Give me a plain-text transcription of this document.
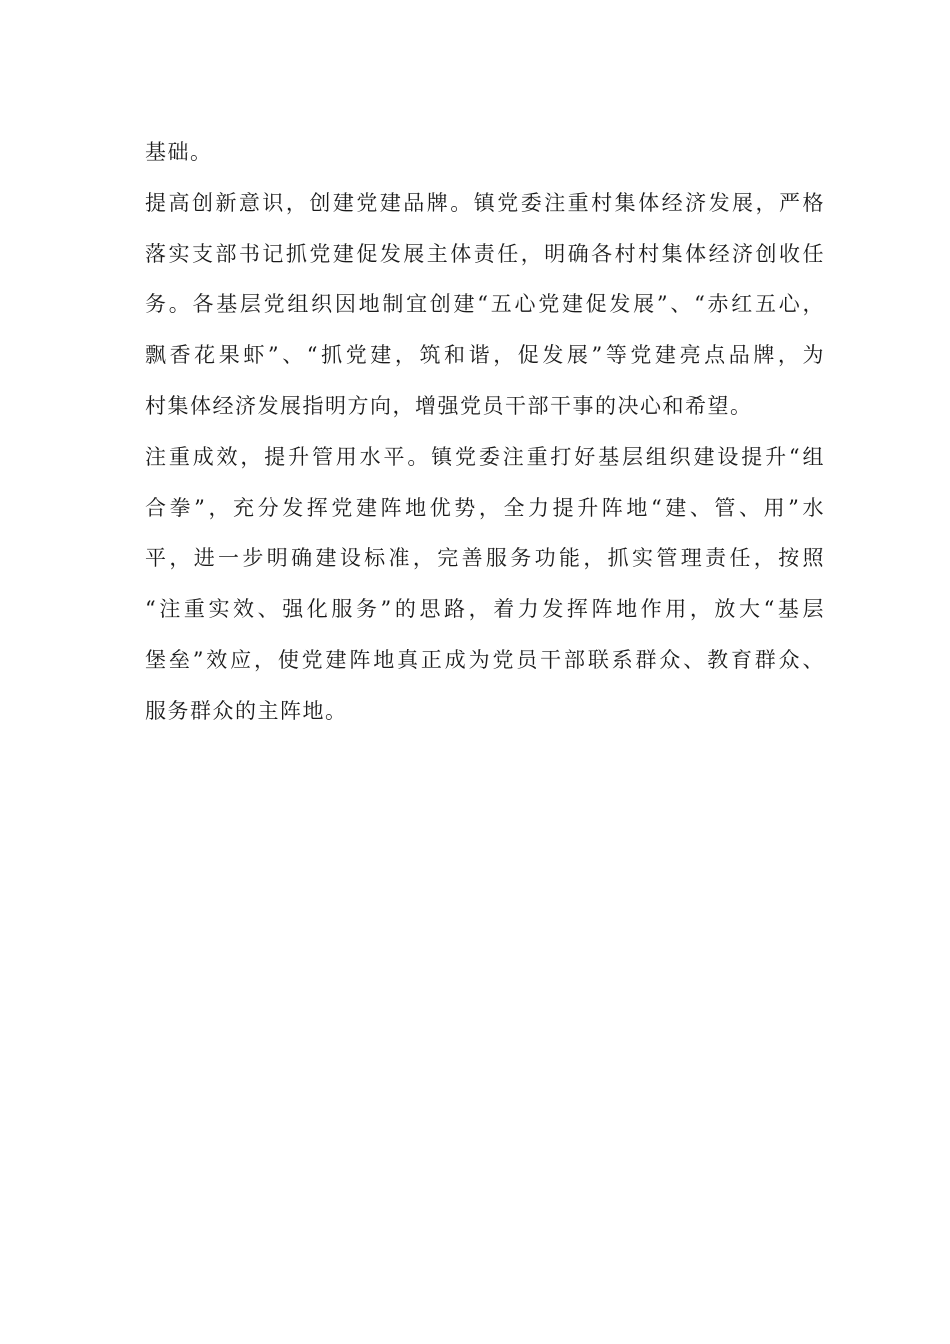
基础。
提高创新意识，创建党建品牌。镇党委注重村集体经济发展，严格
落实支部书记抓党建促发展主体责任，明确各村村集体经济创收任
务。各基层党组织因地制宜创建“五心党建促发展”、“赤红五心，
飘香花果虾”、“抓党建，筑和谐，促发展”等党建亮点品牌，为
村集体经济发展指明方向，增强党员干部干事的决心和希望。
注重成效，提升管用水平。镇党委注重打好基层组织建设提升“组
合拳”，充分发挥党建阵地优势，全力提升阵地“建、管、用”水
平，进一步明确建设标准，完善服务功能，抓实管理责任，按照
“注重实效、强化服务”的思路，着力发挥阵地作用，放大“基层
堡垒”效应，使党建阵地真正成为党员干部联系群众、教育群众、
服务群众的主阵地。
